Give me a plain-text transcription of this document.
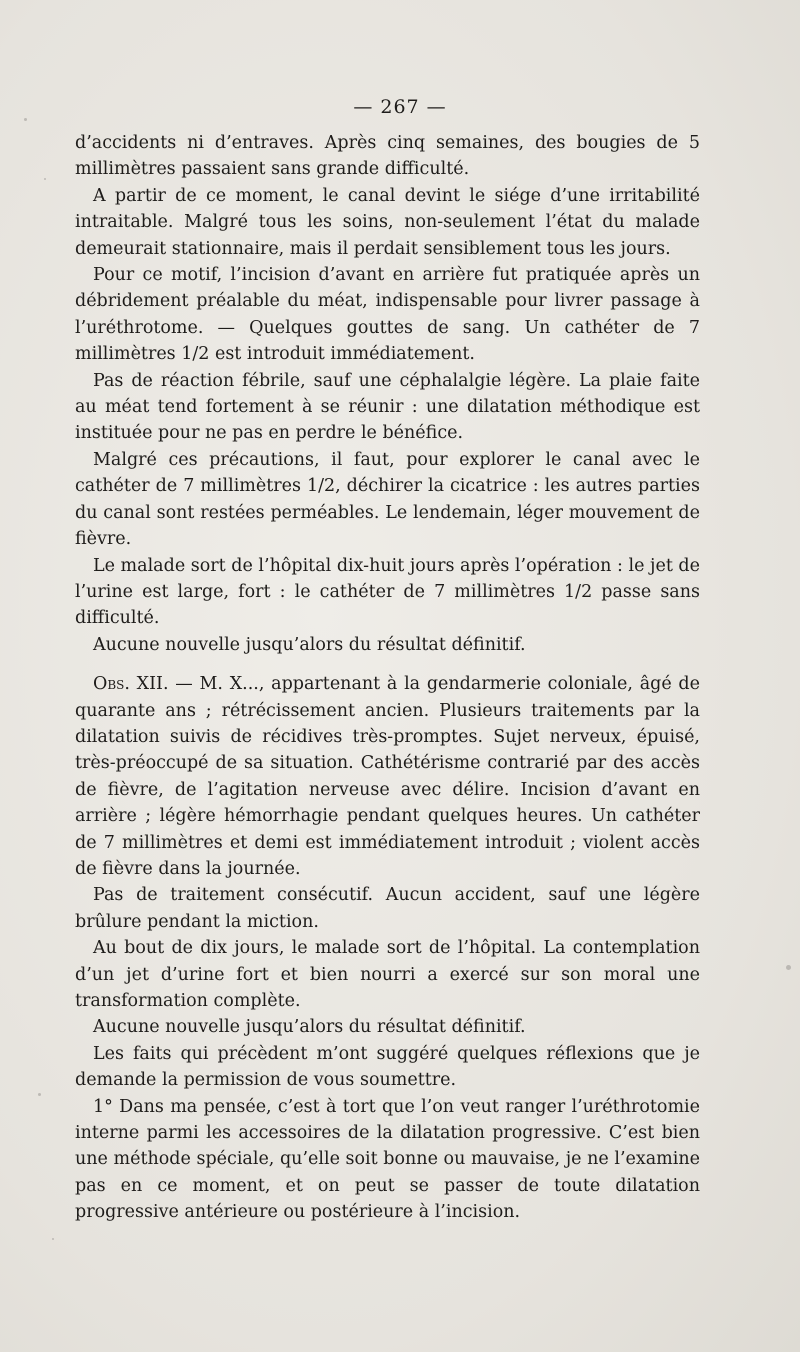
— 267 —

d’accidents ni d’entraves. Après cinq semaines, des bougies de 5 millimètres passaient sans grande difficulté.

A partir de ce moment, le canal devint le siége d’une irritabilité intraitable. Malgré tous les soins, non-seulement l’état du malade demeurait stationnaire, mais il perdait sensiblement tous les jours.

Pour ce motif, l’incision d’avant en arrière fut pratiquée après un débridement préalable du méat, indispensable pour livrer passage à l’uréthrotome. — Quelques gouttes de sang. Un cathéter de 7 millimètres 1/2 est introduit immédiatement.

Pas de réaction fébrile, sauf une céphalalgie légère. La plaie faite au méat tend fortement à se réunir : une dilatation méthodique est instituée pour ne pas en perdre le bénéfice.

Malgré ces précautions, il faut, pour explorer le canal avec le cathéter de 7 millimètres 1/2, déchirer la cicatrice : les autres parties du canal sont restées perméables. Le lendemain, léger mouvement de fièvre.

Le malade sort de l’hôpital dix-huit jours après l’opération : le jet de l’urine est large, fort : le cathéter de 7 millimètres 1/2 passe sans difficulté.

Aucune nouvelle jusqu’alors du résultat définitif.

Obs. XII. — M. X..., appartenant à la gendarmerie coloniale, âgé de quarante ans ; rétrécissement ancien. Plusieurs traitements par la dilatation suivis de récidives très-promptes. Sujet nerveux, épuisé, très-préoccupé de sa situation. Cathétérisme contrarié par des accès de fièvre, de l’agitation nerveuse avec délire. Incision d’avant en arrière ; légère hémorrhagie pendant quelques heures. Un cathéter de 7 millimètres et demi est immédiatement introduit ; violent accès de fièvre dans la journée.

Pas de traitement consécutif. Aucun accident, sauf une légère brûlure pendant la miction.

Au bout de dix jours, le malade sort de l’hôpital. La contemplation d’un jet d’urine fort et bien nourri a exercé sur son moral une transformation complète.

Aucune nouvelle jusqu’alors du résultat définitif.

Les faits qui précèdent m’ont suggéré quelques réflexions que je demande la permission de vous soumettre.

1° Dans ma pensée, c’est à tort que l’on veut ranger l’uréthrotomie interne parmi les accessoires de la dilatation progressive. C’est bien une méthode spéciale, qu’elle soit bonne ou mauvaise, je ne l’examine pas en ce moment, et on peut se passer de toute dilatation progressive antérieure ou postérieure à l’incision.
